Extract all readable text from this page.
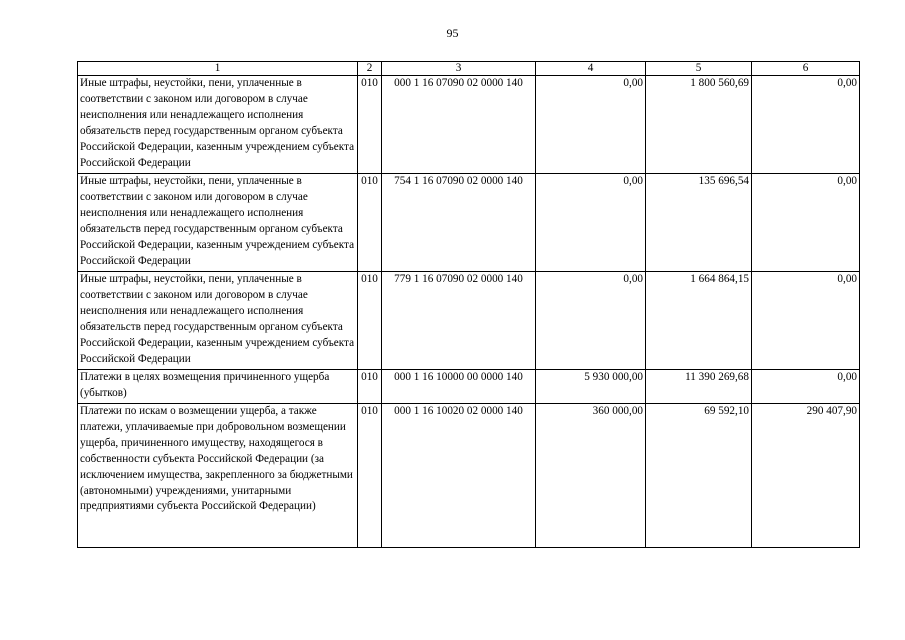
95
1	2	3	4	5	6
Иные штрафы, неустойки, пени, уплаченные в соответствии с законом или договором в случае неисполнения или ненадлежащего исполнения обязательств перед государственным органом субъекта Российской Федерации, казенным учреждением субъекта Российской Федерации	010	000 1 16 07090 02 0000 140	0,00	1 800 560,69	0,00
Иные штрафы, неустойки, пени, уплаченные в соответствии с законом или договором в случае неисполнения или ненадлежащего исполнения обязательств перед государственным органом субъекта Российской Федерации, казенным учреждением субъекта Российской Федерации	010	754 1 16 07090 02 0000 140	0,00	135 696,54	0,00
Иные штрафы, неустойки, пени, уплаченные в соответствии с законом или договором в случае неисполнения или ненадлежащего исполнения обязательств перед государственным органом субъекта Российской Федерации, казенным учреждением субъекта Российской Федерации	010	779 1 16 07090 02 0000 140	0,00	1 664 864,15	0,00
Платежи в целях возмещения причиненного ущерба (убытков)	010	000 1 16 10000 00 0000 140	5 930 000,00	11 390 269,68	0,00
Платежи по искам о возмещении ущерба, а также платежи, уплачиваемые при добровольном возмещении ущерба, причиненного имуществу, находящегося в собственности субъекта Российской Федерации (за исключением имущества, закрепленного за бюджетными (автономными) учреждениями, унитарными предприятиями субъекта Российской Федерации)	010	000 1 16 10020 02 0000 140	360 000,00	69 592,10	290 407,90
